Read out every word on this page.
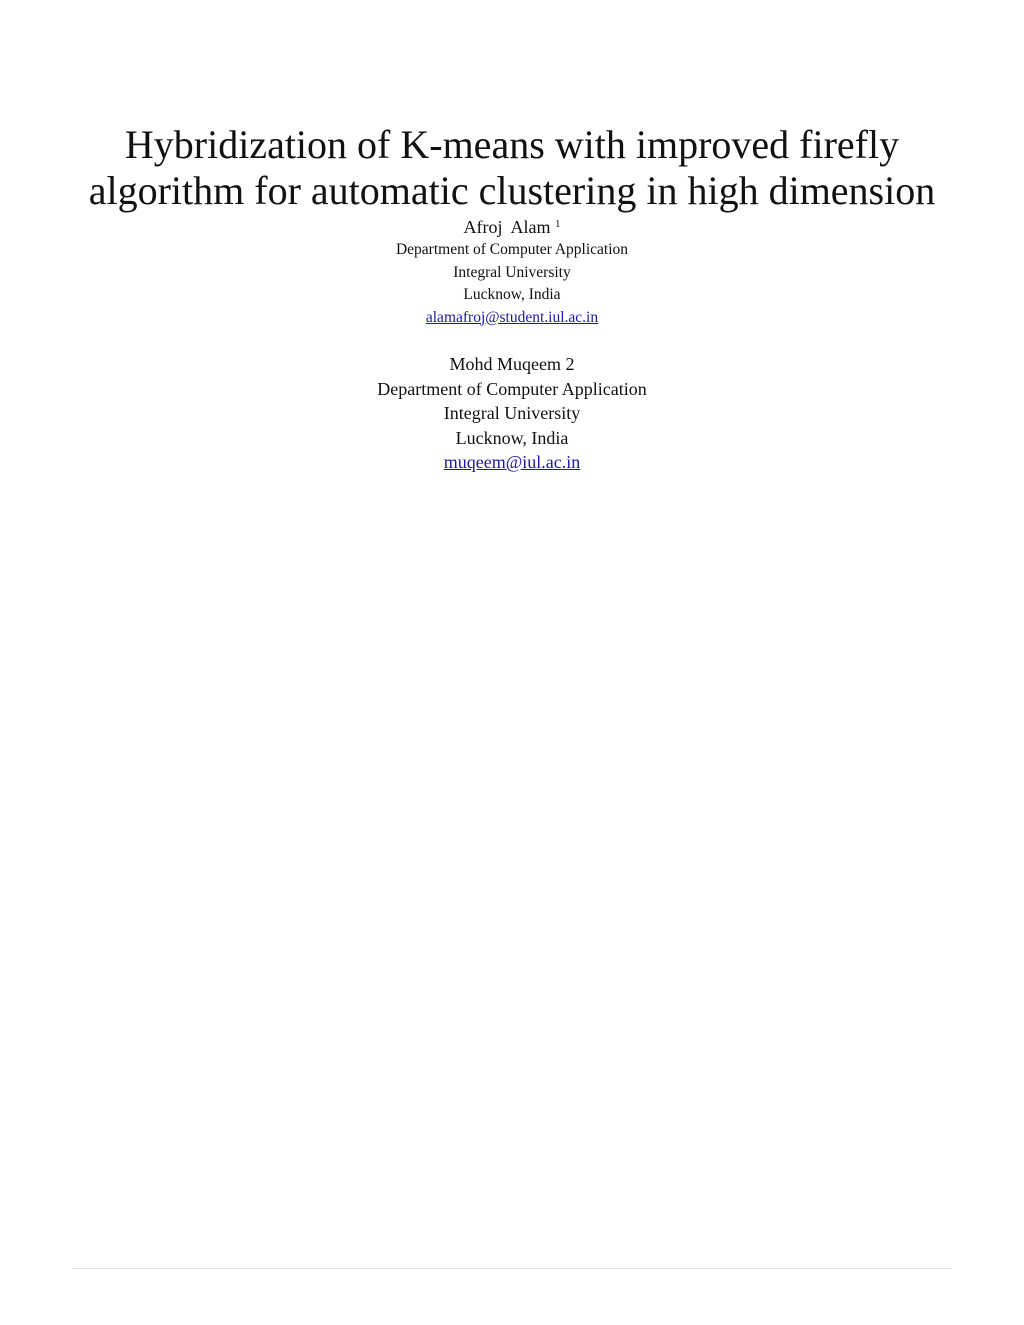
Hybridization of K-means with improved firefly
algorithm for automatic clustering in high dimension
Afroj  Alam $^1$
Department of Computer Application
Integral University
Lucknow, India
alamafroj@student.iul.ac.in
Mohd Muqeem 2
Department of Computer Application
Integral University
Lucknow, India
muqeem@iul.ac.in
